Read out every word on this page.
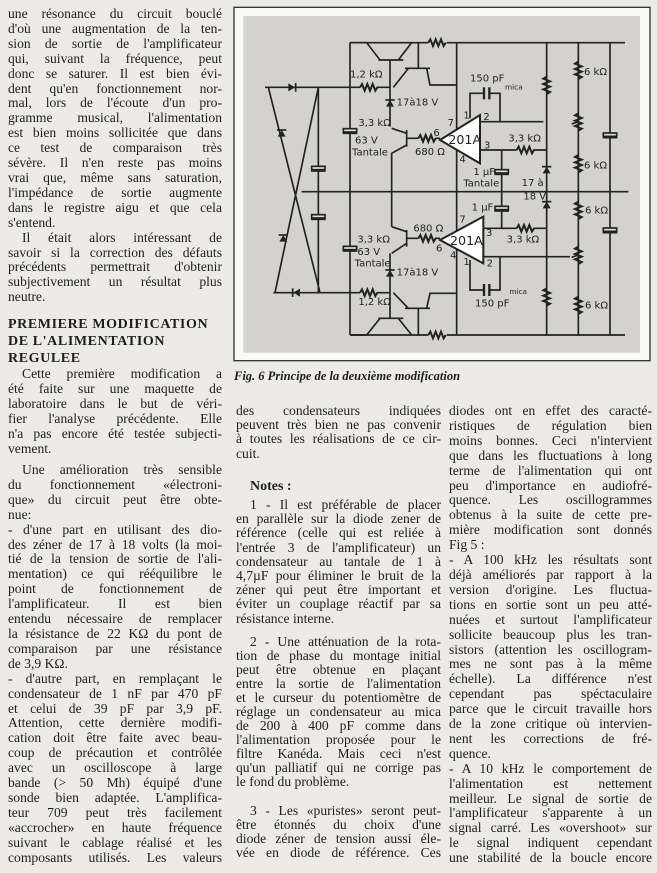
une résonance du circuit bouclé
d'où une augmentation de la ten-
sion de sortie de l'amplificateur
qui, suivant la fréquence, peut
donc se saturer. Il est bien évi-
dent qu'en fonctionnement nor-
mal, lors de l'écoute d'un pro-
gramme musical, l'alimentation
est bien moins sollicitée que dans
ce test de comparaison très
sévère. Il n'en reste pas moins
vrai que, même sans saturation,
l'impédance de sortie augmente
dans le registre aigu et que cela
s'entend.
Il était alors intéressant de
savoir si la correction des défauts
précédents permettrait d'obtenir
subjectivement un résultat plus
neutre.
PREMIERE MODIFICATION
DE L'ALIMENTATION
REGULEE
Cette première modification a
été faite sur une maquette de
laboratoire dans le but de véri-
fier l'analyse précédente. Elle
n'a pas encore été testée subjecti-
vement.
Une amélioration très sensible
du fonctionnement «électroni-
que» du circuit peut être obte-
nue:
- d'une part en utilisant des dio-
des zéner de 17 à 18 volts (la moi-
tié de la tension de sortie de l'ali-
mentation) ce qui rééquilibre le
point de fonctionnement de
l'amplificateur. Il est bien
entendu nécessaire de remplacer
la résistance de 22 KΩ du pont de
comparaison par une résistance
de 3,9 KΩ.
- d'autre part, en remplaçant le
condensateur de 1 nF par 470 pF
et celui de 39 pF par 3,9 pF.
Attention, cette dernière modifi-
cation doit être faite avec beau-
coup de précaution et contrôlée
avec un oscilloscope à large
bande (> 50 Mh) équipé d'une
sonde bien adaptée. L'amplifica-
teur 709 peut très facilement
«accrocher» en haute fréquence
suivant le cablage réalisé et les
composants utilisés. Les valeurs
1,2 kΩ
17à18 V
3,3 kΩ
63 V
Tantale 680 Ω
201A
7
1 2
6
3
4
150 pF
mica
3,3 kΩ
1 µF
Tantale 17 à
18 V
6 kΩ
6 kΩ
6 kΩ
6 kΩ
1 µF
680 Ω
201A
7
6
4
1 2
3
3,3 kΩ
3,3 kΩ
63 V
Tantale
17à18 V
1,2 kΩ	150 pF
mica
Fig. 6 Principe de la deuxième modification
des condensateurs indiquées
peuvent très bien ne pas convenir
à toutes les réalisations de ce cir-
cuit.
Notes :
1 - Il est préférable de placer
en parallèle sur la diode zener de
référence (celle qui est reliée à
l'entrée 3 de l'amplificateur) un
condensateur au tantale de 1 à
4,7µF pour éliminer le bruit de la
zéner qui peut être important et
éviter un couplage réactif par sa
résistance interne.
2 - Une atténuation de la rota-
tion de phase du montage initial
peut être obtenue en plaçant
entre la sortie de l'alimentation
et le curseur du potentiomètre de
réglage un condensateur au mica
de 200 à 400 pF comme dans
l'alimentation proposée pour le
filtre Kanéda. Mais ceci n'est
qu'un palliatif qui ne corrige pas
le fond du problème.
3 - Les «puristes» seront peut-
être étonnés du choix d'une
diode zéner de tension aussi éle-
vée en diode de référence. Ces
diodes ont en effet des caracté-
ristiques de régulation bien
moins bonnes. Ceci n'intervient
que dans les fluctuations à long
terme de l'alimentation qui ont
peu d'importance en audiofré-
quence. Les oscillogrammes
obtenus à la suite de cette pre-
mière modification sont donnés
Fig 5 :
- A 100 kHz les résultats sont
déjà améliorés par rapport à la
version d'origine. Les fluctua-
tions en sortie sont un peu atté-
nuées et surtout l'amplificateur
sollicite beaucoup plus les tran-
sistors (attention les oscillogram-
mes ne sont pas à la même
échelle). La différence n'est
cependant pas spéctaculaire
parce que le circuit travaille hors
de la zone critique où intervien-
nent les corrections de fré-
quence.
- A 10 kHz le comportement de
l'alimentation est nettement
meilleur. Le signal de sortie de
l'amplificateur s'apparente à un
signal carré. Les «overshoot» sur
le signal indiquent cependant
une stabilité de la boucle encore
